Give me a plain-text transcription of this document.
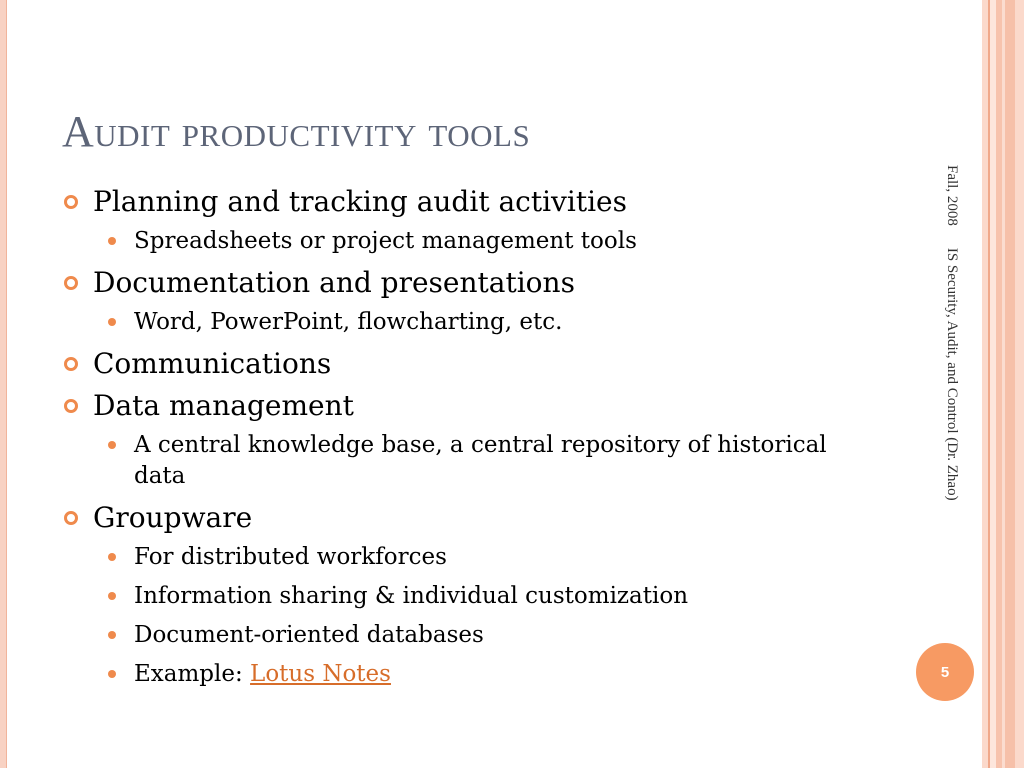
Audit productivity tools
Planning and tracking audit activities
Spreadsheets or project management tools
Documentation and presentations
Word, PowerPoint, flowcharting, etc.
Communications
Data management
A central knowledge base, a central repository of historical data
Groupware
For distributed workforces
Information sharing & individual customization
Document-oriented databases
Example: Lotus Notes
Fall, 2008IS Security, Audit, and Control (Dr. Zhao)
5
